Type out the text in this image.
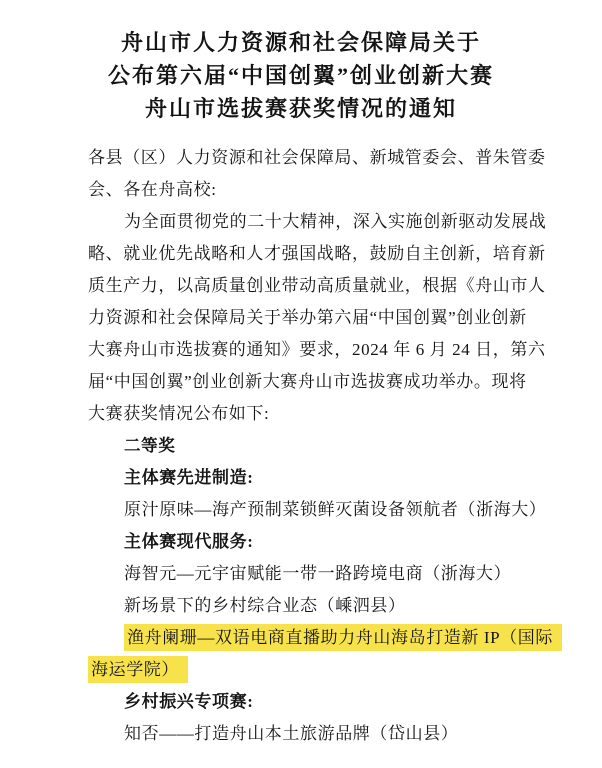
舟山市人力资源和社会保障局关于
公布第六届“中国创翼”创业创新大赛
舟山市选拔赛获奖情况的通知
各县（区）人力资源和社会保障局、新城管委会、普朱管委
会、各在舟高校:
为全面贯彻党的二十大精神，深入实施创新驱动发展战
略、就业优先战略和人才强国战略，鼓励自主创新，培育新
质生产力，以高质量创业带动高质量就业，根据《舟山市人
力资源和社会保障局关于举办第六届“中国创翼”创业创新
大赛舟山市选拔赛的通知》要求，2024 年 6 月 24 日，第六
届“中国创翼”创业创新大赛舟山市选拔赛成功举办。现将
大赛获奖情况公布如下:
二等奖
主体赛先进制造:
原汁原味—海产预制菜锁鲜灭菌设备领航者（浙海大）
主体赛现代服务:
海智元—元宇宙赋能一带一路跨境电商（浙海大）
新场景下的乡村综合业态（嵊泗县）
渔舟阑珊—双语电商直播助力舟山海岛打造新 IP（国际
海运学院）
乡村振兴专项赛:
知否——打造舟山本土旅游品牌（岱山县）
